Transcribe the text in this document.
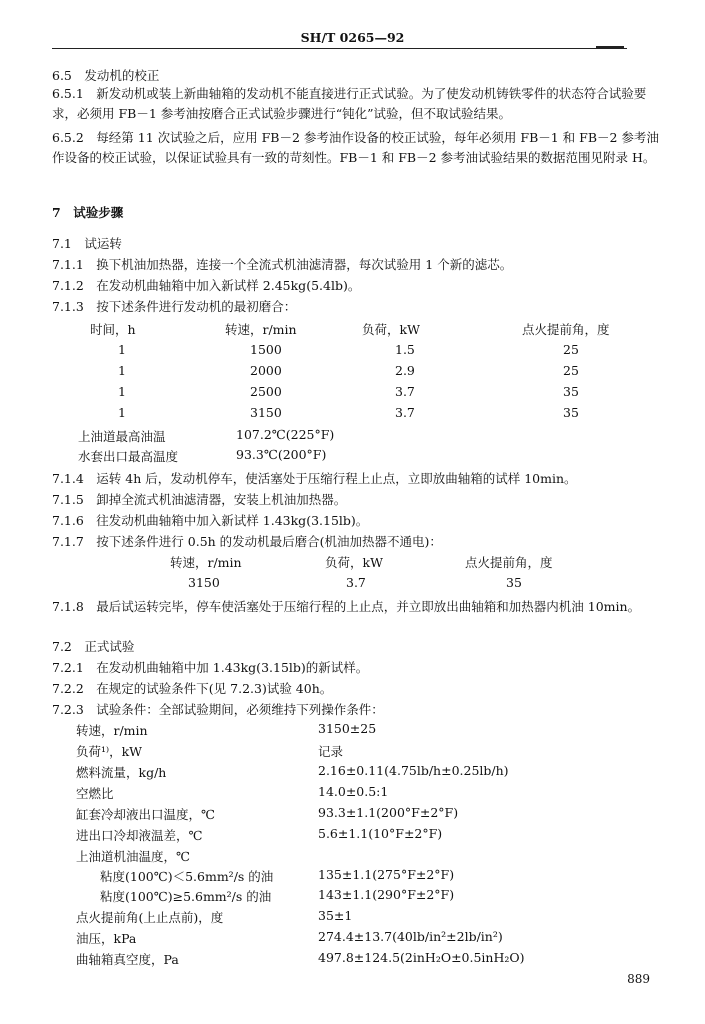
SH/T 0265—92
6.5　发动机的校正
6.5.1　新发动机或装上新曲轴箱的发动机不能直接进行正式试验。为了使发动机铸铁零件的状态符合试验要求，必须用 FB－1 参考油按磨合正式试验步骤进行“钝化”试验，但不取试验结果。
6.5.2　每经第 11 次试验之后，应用 FB－2 参考油作设备的校正试验，每年必须用 FB－1 和 FB－2 参考油作设备的校正试验，以保证试验具有一致的苛刻性。FB－1 和 FB－2 参考油试验结果的数据范围见附录 H。
7　试验步骤
7.1　试运转
7.1.1　换下机油加热器，连接一个全流式机油滤清器，每次试验用 1 个新的滤芯。
7.1.2　在发动机曲轴箱中加入新试样 2.45kg(5.4lb)。
7.1.3　按下述条件进行发动机的最初磨合：
时间，h	转速，r/min	负荷，kW	点火提前角，度
1	1500	1.5	25
1	2000	2.9	25
1	2500	3.7	35
1	3150	3.7	35
上油道最高油温	107.2℃(225°F)
水套出口最高温度	93.3℃(200°F)
7.1.4　运转 4h 后，发动机停车，使活塞处于压缩行程上止点，立即放曲轴箱的试样 10min。
7.1.5　卸掉全流式机油滤清器，安装上机油加热器。
7.1.6　往发动机曲轴箱中加入新试样 1.43kg(3.15lb)。
7.1.7　按下述条件进行 0.5h 的发动机最后磨合(机油加热器不通电)：
转速，r/min	负荷，kW	点火提前角，度
3150	3.7	35
7.1.8　最后试运转完毕，停车使活塞处于压缩行程的上止点，并立即放出曲轴箱和加热器内机油 10min。
7.2　正式试验
7.2.1　在发动机曲轴箱中加 1.43kg(3.15lb)的新试样。
7.2.2　在规定的试验条件下(见 7.2.3)试验 40h。
7.2.3　试验条件：全部试验期间，必须维持下列操作条件：
转速，r/min	3150±25
负荷¹⁾，kW	记录
燃料流量，kg/h	2.16±0.11(4.75lb/h±0.25lb/h)
空燃比	14.0±0.5:1
缸套冷却液出口温度，℃	93.3±1.1(200°F±2°F)
进出口冷却液温差，℃	5.6±1.1(10°F±2°F)
上油道机油温度，℃
粘度(100℃)＜5.6mm²/s 的油	135±1.1(275°F±2°F)
粘度(100℃)≥5.6mm²/s 的油	143±1.1(290°F±2°F)
点火提前角(上止点前)，度	35±1
油压，kPa	274.4±13.7(40lb/in²±2lb/in²)
曲轴箱真空度，Pa	497.8±124.5(2inH₂O±0.5inH₂O)
889
